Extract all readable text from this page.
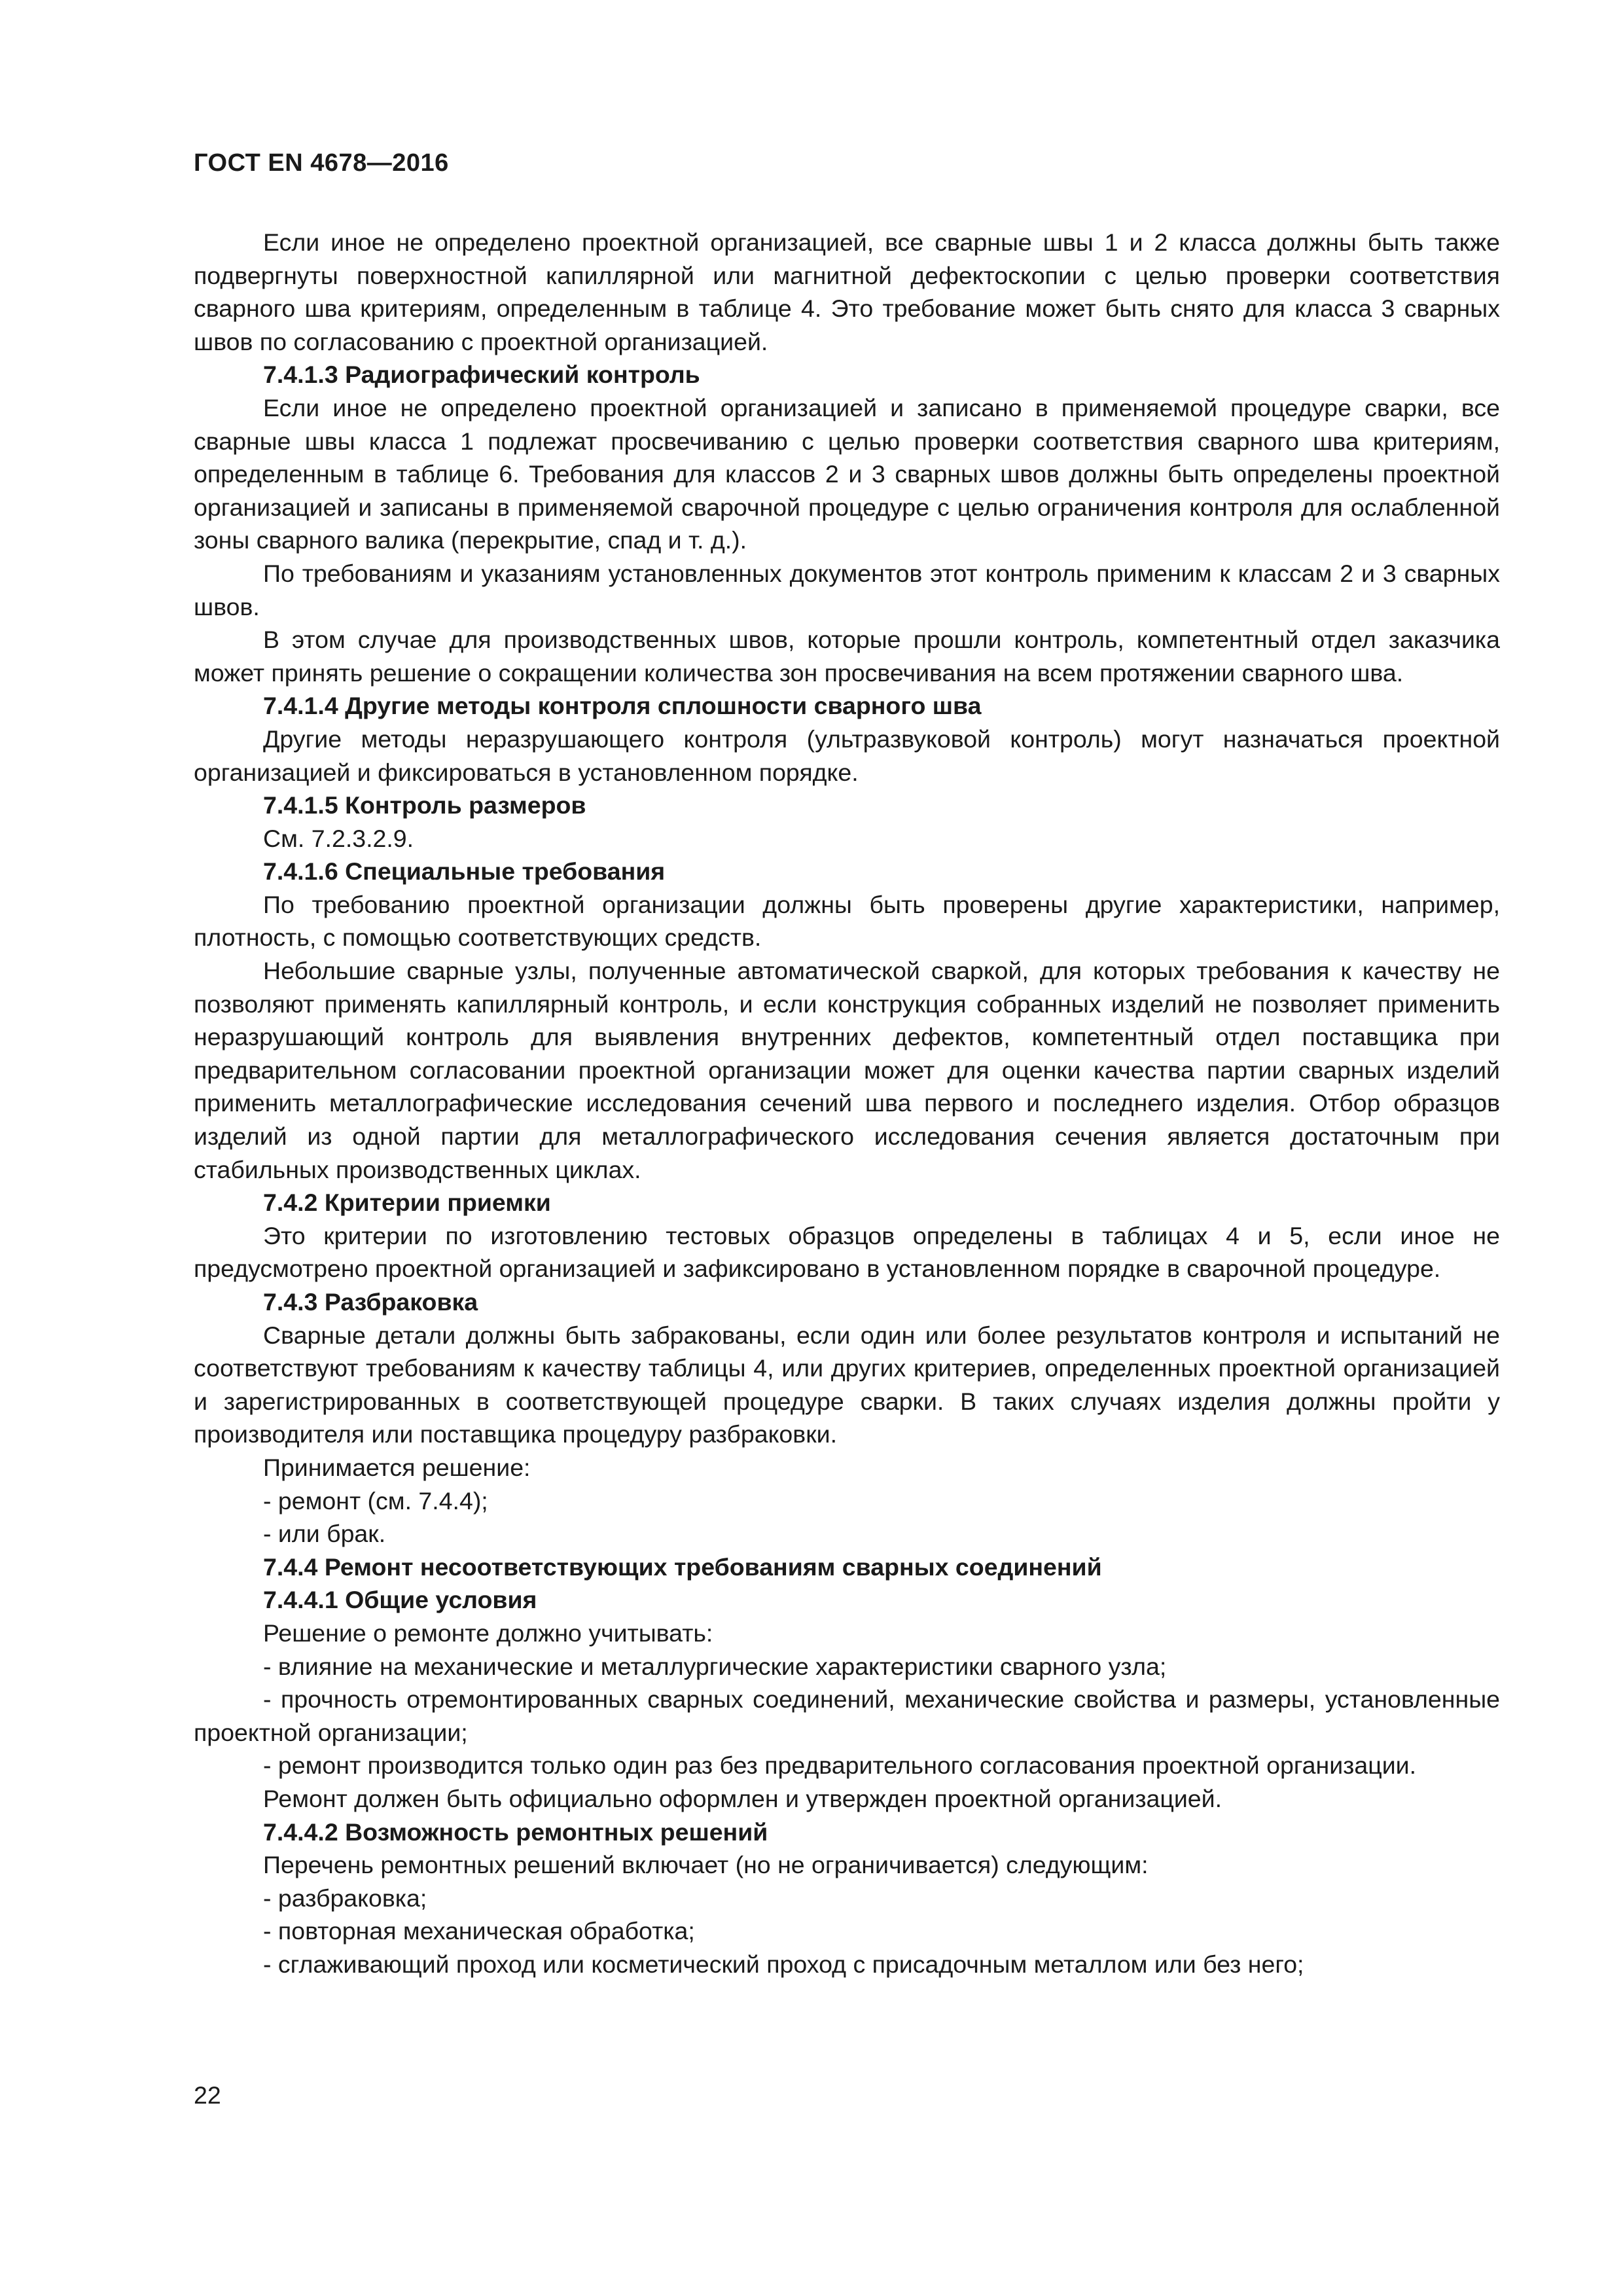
ГОСТ EN 4678—2016

Если иное не определено проектной организацией, все сварные швы 1 и 2 класса должны быть также подвергнуты поверхностной капиллярной или магнитной дефектоскопии с целью проверки соответствия сварного шва критериям, определенным в таблице 4. Это требование может быть снято для класса 3 сварных швов по согласованию с проектной организацией.

7.4.1.3 Радиографический контроль

Если иное не определено проектной организацией и записано в применяемой процедуре сварки, все сварные швы класса 1 подлежат просвечиванию с целью проверки соответствия сварного шва критериям, определенным в таблице 6. Требования для классов 2 и 3 сварных швов должны быть определены проектной организацией и записаны в применяемой сварочной процедуре с целью ограничения контроля для ослабленной зоны сварного валика (перекрытие, спад и т. д.).

По требованиям и указаниям установленных документов этот контроль применим к классам 2 и 3 сварных швов.

В этом случае для производственных швов, которые прошли контроль, компетентный отдел заказчика может принять решение о сокращении количества зон просвечивания на всем протяжении сварного шва.

7.4.1.4 Другие методы контроля сплошности сварного шва

Другие методы неразрушающего контроля (ультразвуковой контроль) могут назначаться проектной организацией и фиксироваться в установленном порядке.

7.4.1.5 Контроль размеров

См. 7.2.3.2.9.

7.4.1.6 Специальные требования

По требованию проектной организации должны быть проверены другие характеристики, например, плотность, с помощью соответствующих средств.

Небольшие сварные узлы, полученные автоматической сваркой, для которых требования к качеству не позволяют применять капиллярный контроль, и если конструкция собранных изделий не позволяет применить неразрушающий контроль для выявления внутренних дефектов, компетентный отдел поставщика при предварительном согласовании проектной организации может для оценки качества партии сварных изделий применить металлографические исследования сечений шва первого и последнего изделия. Отбор образцов изделий из одной партии для металлографического исследования сечения является достаточным при стабильных производственных циклах.

7.4.2 Критерии приемки

Это критерии по изготовлению тестовых образцов определены в таблицах 4 и 5, если иное не предусмотрено проектной организацией и зафиксировано в установленном порядке в сварочной процедуре.

7.4.3 Разбраковка

Сварные детали должны быть забракованы, если один или более результатов контроля и испытаний не соответствуют требованиям к качеству таблицы 4, или других критериев, определенных проектной организацией и зарегистрированных в соответствующей процедуре сварки. В таких случаях изделия должны пройти у производителя или поставщика процедуру разбраковки.

Принимается решение:

- ремонт (см. 7.4.4);

- или брак.

7.4.4 Ремонт несоответствующих требованиям сварных соединений

7.4.4.1 Общие условия

Решение о ремонте должно учитывать:

- влияние на механические и металлургические характеристики сварного узла;

- прочность отремонтированных сварных соединений, механические свойства и размеры, установленные проектной организации;

- ремонт производится только один раз без предварительного согласования проектной организации.

Ремонт должен быть официально оформлен и утвержден проектной организацией.

7.4.4.2 Возможность ремонтных решений

Перечень ремонтных решений включает (но не ограничивается) следующим:

- разбраковка;

- повторная механическая обработка;

- сглаживающий проход или косметический проход с присадочным металлом или без него;

22
